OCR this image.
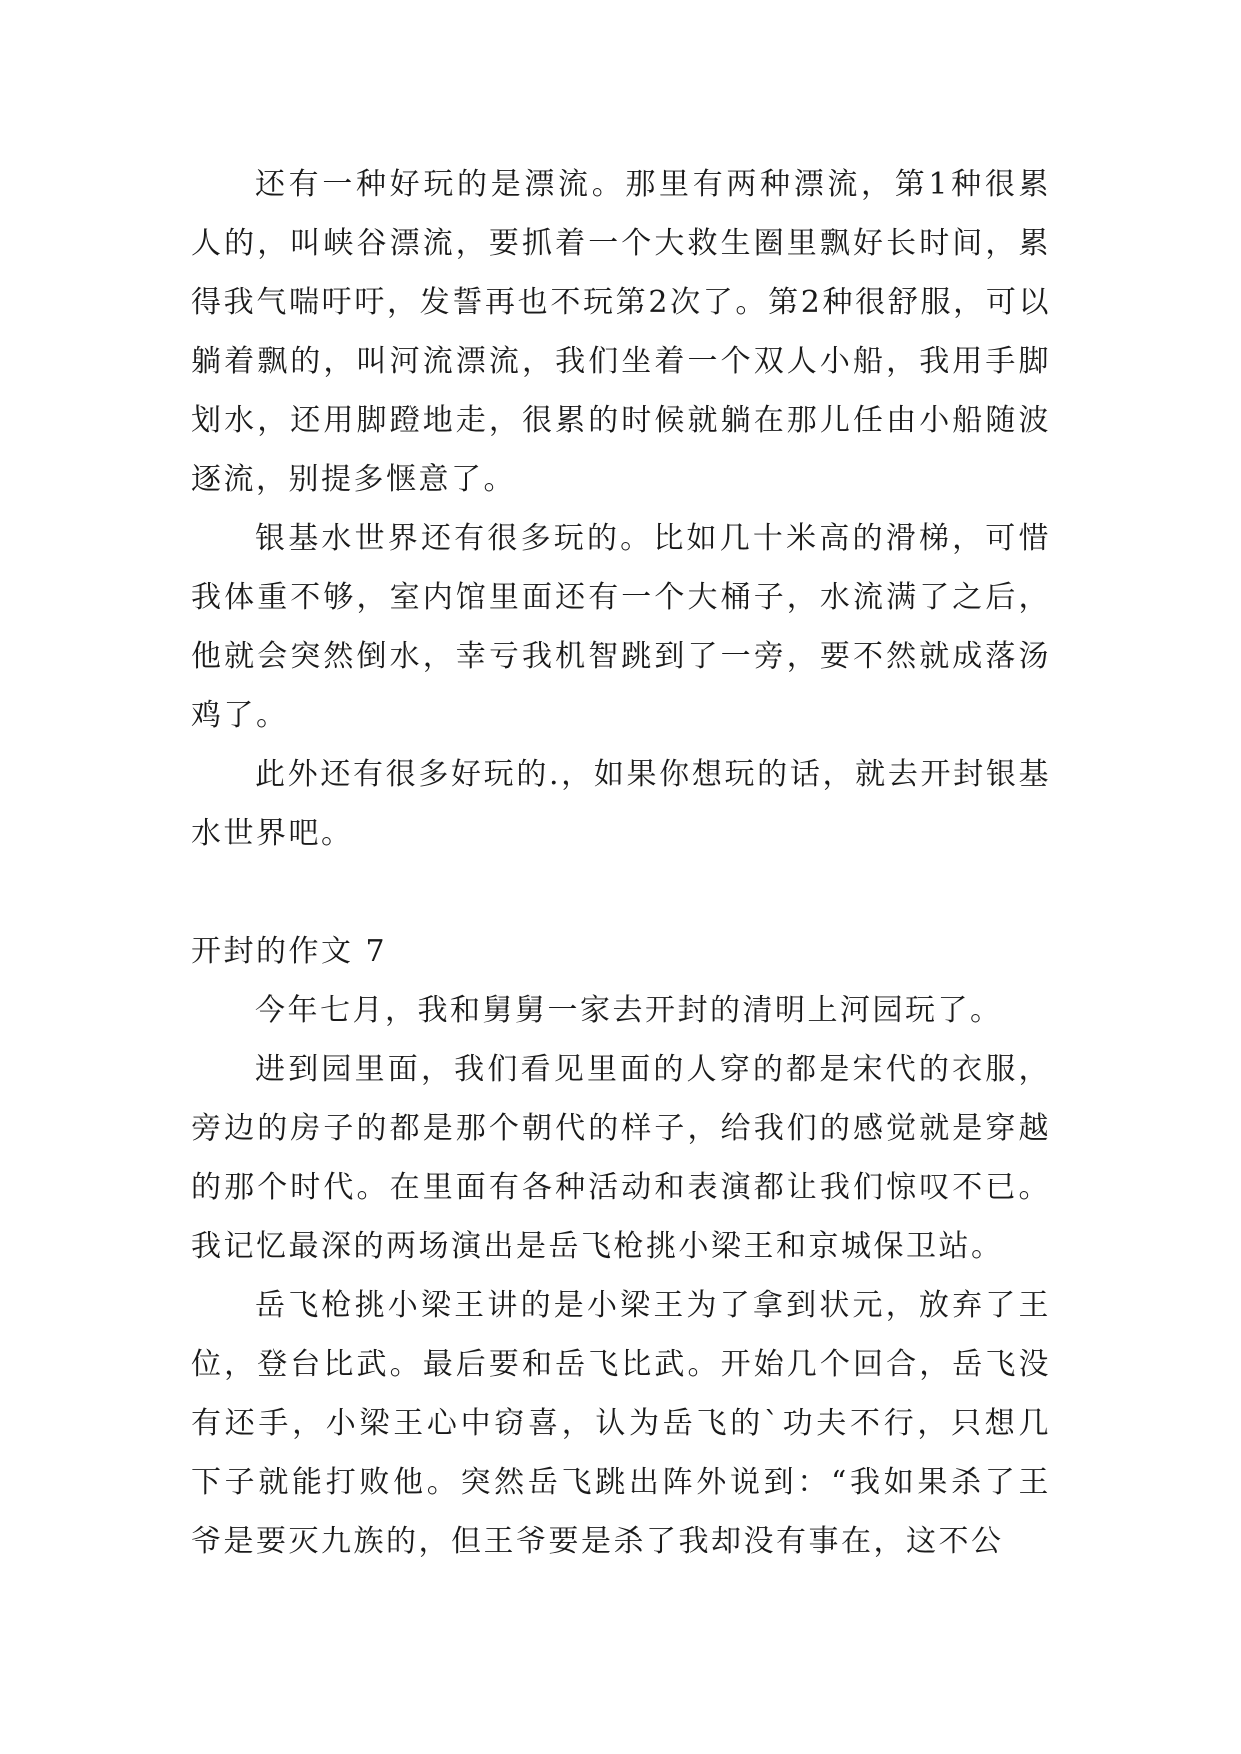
还有一种好玩的是漂流。那里有两种漂流，第1种很累人的，叫峡谷漂流，要抓着一个大救生圈里飘好长时间，累得我气喘吁吁，发誓再也不玩第2次了。第2种很舒服，可以躺着飘的，叫河流漂流，我们坐着一个双人小船，我用手脚划水，还用脚蹬地走，很累的时候就躺在那儿任由小船随波逐流，别提多惬意了。

银基水世界还有很多玩的。比如几十米高的滑梯，可惜我体重不够，室内馆里面还有一个大桶子，水流满了之后，他就会突然倒水，幸亏我机智跳到了一旁，要不然就成落汤鸡了。

此外还有很多好玩的.，如果你想玩的话，就去开封银基水世界吧。

开封的作文 7

今年七月，我和舅舅一家去开封的清明上河园玩了。

进到园里面，我们看见里面的人穿的都是宋代的衣服，旁边的房子的都是那个朝代的样子，给我们的感觉就是穿越的那个时代。在里面有各种活动和表演都让我们惊叹不已。我记忆最深的两场演出是岳飞枪挑小梁王和京城保卫站。

岳飞枪挑小梁王讲的是小梁王为了拿到状元，放弃了王位，登台比武。最后要和岳飞比武。开始几个回合，岳飞没有还手，小梁王心中窃喜，认为岳飞的`功夫不行，只想几下子就能打败他。突然岳飞跳出阵外说到：“我如果杀了王爷是要灭九族的，但王爷要是杀了我却没有事在，这不公
